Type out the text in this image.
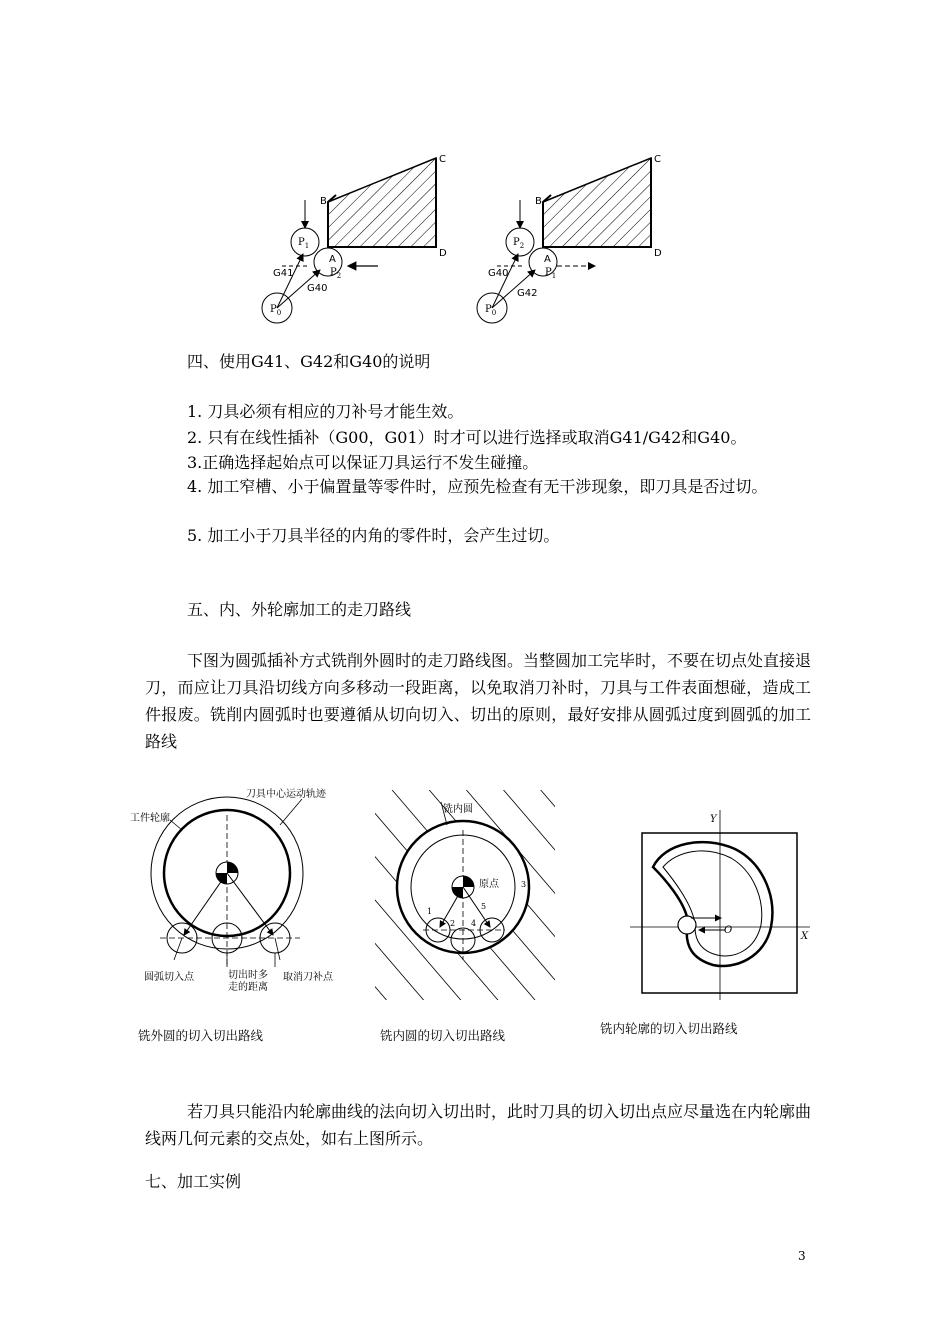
B
C
D
A
$P_1$
$P_2$
$P_0$
G41
G40
B
C
D
A
$P_2$
$P_1$
$P_0$
G40
G42
四、使用G41、G42和G40的说明
1. 刀具必须有相应的刀补号才能生效。
2. 只有在线性插补（G00，G01）时才可以进行选择或取消G41/G42和G40。
3.正确选择起始点可以保证刀具运行不发生碰撞。
4. 加工窄槽、小于偏置量等零件时，应预先检查有无干涉现象，即刀具是否过切。
5. 加工小于刀具半径的内角的零件时，会产生过切。
五、内、外轮廓加工的走刀路线
下图为圆弧插补方式铣削外圆时的走刀路线图。当整圆加工完毕时，不要在切点处直接退刀，而应让刀具沿切线方向多移动一段距离，以免取消刀补时，刀具与工件表面想碰，造成工件报废。铣削内圆弧时也要遵循从切向切入、切出的原则，最好安排从圆弧过度到圆弧的加工路线
刀具中心运动轨迹
工件轮廓
圆弧切入点	切出时多
走的距离
取消刀补点
铣内圆
原点
1
2
3
4
5
Y
X
O
铣外圆的切入切出路线	铣内圆的切入切出路线	铣内轮廓的切入切出路线
若刀具只能沿内轮廓曲线的法向切入切出时，此时刀具的切入切出点应尽量选在内轮廓曲线两几何元素的交点处，如右上图所示。
七、加工实例
3
